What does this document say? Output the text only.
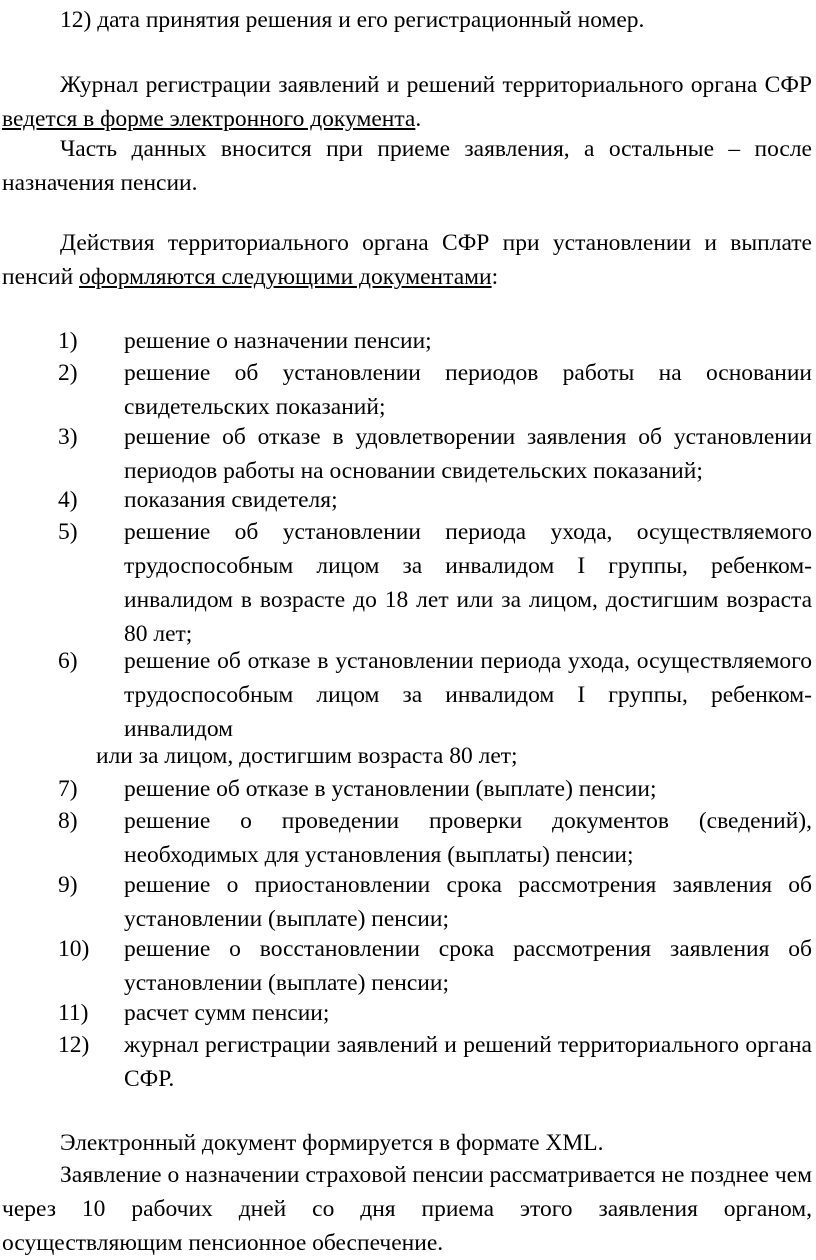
12) дата принятия решения и его регистрационный номер.

Журнал регистрации заявлений и решений территориального органа СФР ведется в форме электронного документа.

Часть данных вносится при приеме заявления, а остальные – после назначения пенсии.

Действия территориального органа СФР при установлении и выплате пенсий оформляются следующими документами:

1)	решение о назначении пенсии;
2)	решение об установлении периодов работы на основании свидетельских показаний;
3)	решение об отказе в удовлетворении заявления об установлении периодов работы на основании свидетельских показаний;
4)	показания свидетеля;
5)	решение об установлении периода ухода, осуществляемого трудоспособным лицом за инвалидом I группы, ребенком-инвалидом в возрасте до 18 лет или за лицом, достигшим возраста 80 лет;
6)	решение об отказе в установлении периода ухода, осуществляемого трудоспособным лицом за инвалидом I группы, ребенком-инвалидом

или за лицом, достигшим возраста 80 лет;

7)	решение об отказе в установлении (выплате) пенсии;
8)	решение о проведении проверки документов (сведений), необходимых для установления (выплаты) пенсии;
9)	решение о приостановлении срока рассмотрения заявления об установлении (выплате) пенсии;
10)	решение о восстановлении срока рассмотрения заявления об установлении (выплате) пенсии;
11)	расчет сумм пенсии;
12)	журнал регистрации заявлений и решений территориального органа СФР.

Электронный документ формируется в формате XML.

Заявление о назначении страховой пенсии рассматривается не позднее чем через 10 рабочих дней со дня приема этого заявления органом, осуществляющим пенсионное обеспечение.
